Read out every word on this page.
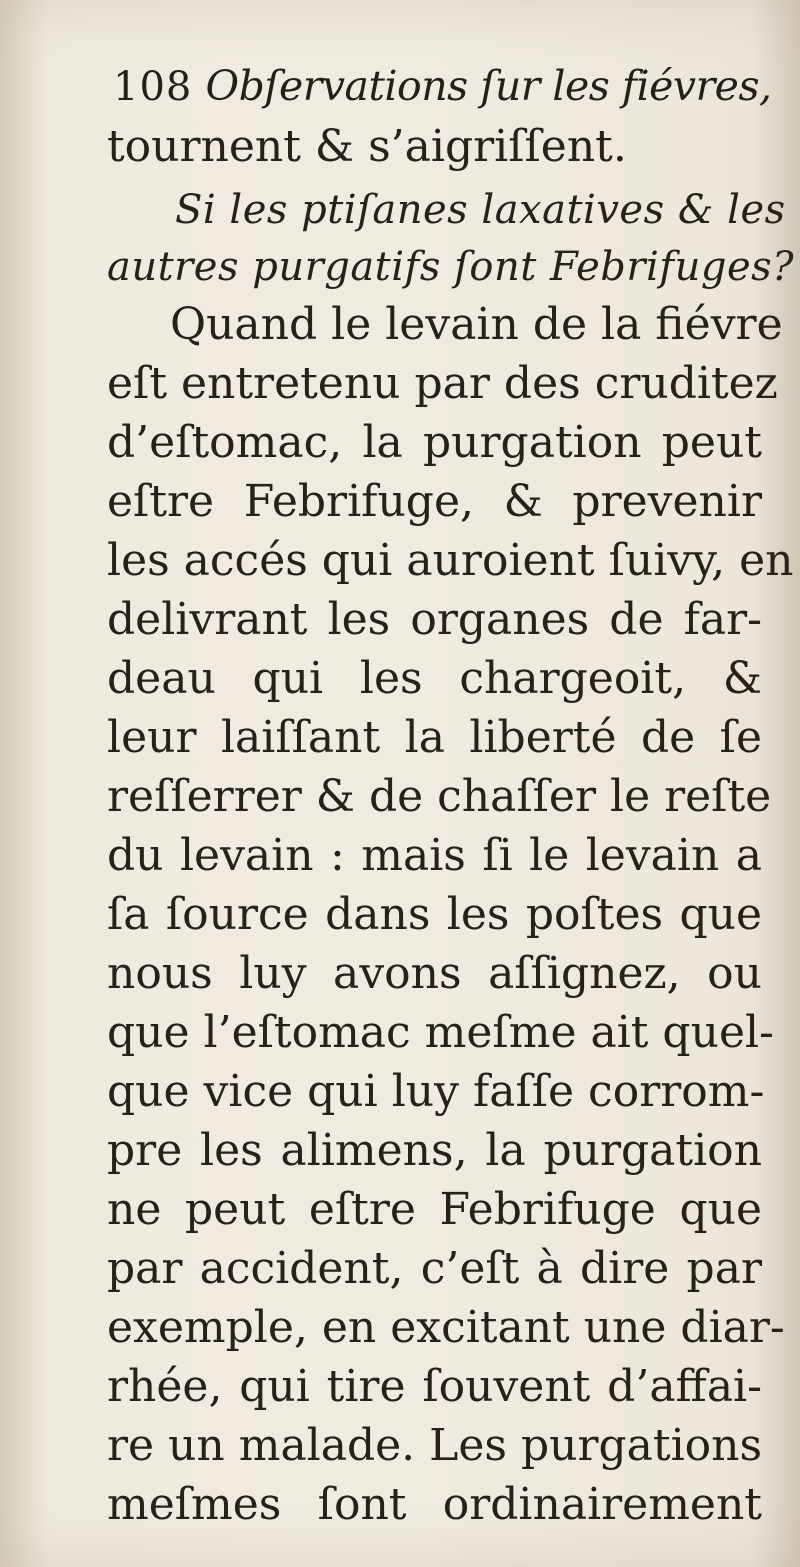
108 Obſervations ſur les fiévres,
tournent & s’aigriſſent.
Si les ptiſanes laxatives & les
autres purgatifs ſont Febrifuges?
Quand le levain de la fiévre
eſt entretenu par des cruditez
d’eſtomac, la purgation peut
eſtre Febrifuge, & prevenir
les accés qui auroient ſuivy, en
delivrant les organes de far-
deau qui les chargeoit, &
leur laiſſant la liberté de ſe
reſſerrer & de chaſſer le reſte
du levain : mais ſi le levain a
ſa ſource dans les poſtes que
nous luy avons aſſignez, ou
que l’eſtomac meſme ait quel-
que vice qui luy faſſe corrom-
pre les alimens, la purgation
ne peut eſtre Febrifuge que
par accident, c’eſt à dire par
exemple, en excitant une diar-
rhée, qui tire ſouvent d’affai-
re un malade. Les purgations
meſmes ſont ordinairement
